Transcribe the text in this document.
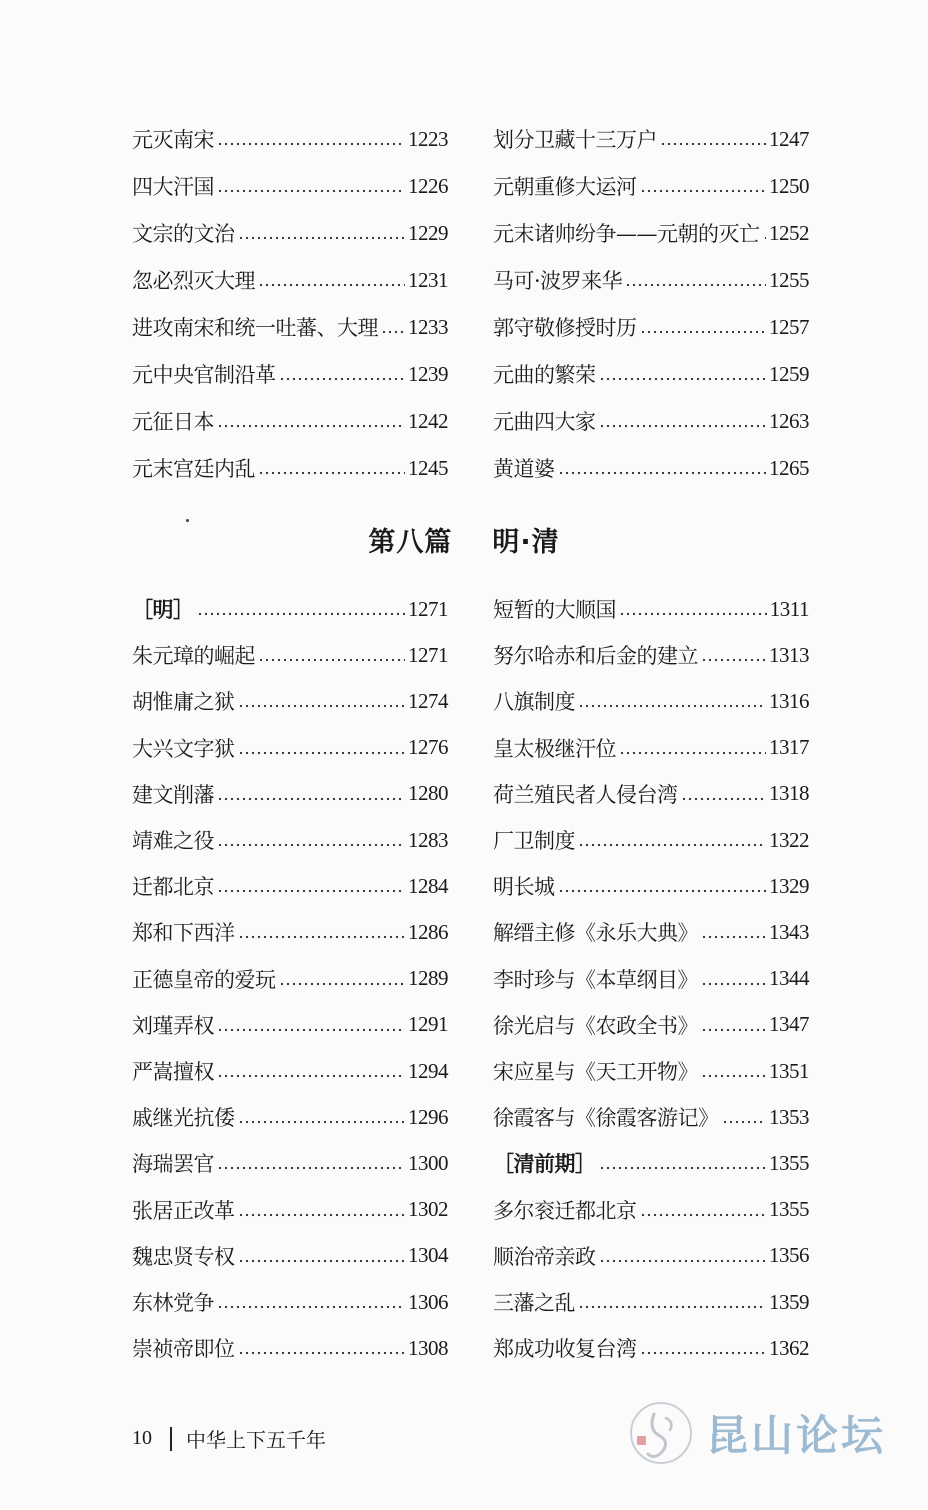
元灭南宋	1223
四大汗国	1226
文宗的文治	1229
忽必烈灭大理	1231
进攻南宋和统一吐蕃、大理 1233
元中央官制沿革	1239
元征日本	1242
元末宫廷内乱	1245
划分卫藏十三万户	1247
元朝重修大运河	1250
元末诸帅纷争——元朝的灭亡 1252
马可·波罗来华	1255
郭守敬修授时历	1257
元曲的繁荣	1259
元曲四大家	1263
黄道婆	1265
第八篇 明·清
［明］	1271
朱元璋的崛起	1271
胡惟庸之狱	1274
大兴文字狱	1276
建文削藩	1280
靖难之役	1283
迁都北京	1284
郑和下西洋	1286
正德皇帝的爱玩	1289
刘瑾弄权	1291
严嵩擅权	1294
戚继光抗倭	1296
海瑞罢官	1300
张居正改革	1302
魏忠贤专权	1304
东林党争	1306
崇祯帝即位	1308
短暂的大顺国	1311
努尔哈赤和后金的建立	1313
八旗制度	1316
皇太极继汗位	1317
荷兰殖民者人侵台湾	1318
厂卫制度	1322
明长城	1329
解缙主修《永乐大典》	1343
李时珍与《本草纲目》	1344
徐光启与《农政全书》	1347
宋应星与《天工开物》	1351
徐霞客与《徐霞客游记》 1353
［清前期］	1355
多尔衮迁都北京	1355
顺治帝亲政	1356
三藩之乱	1359
郑成功收复台湾	1362
10 中华上下五千年	昆山论坛
